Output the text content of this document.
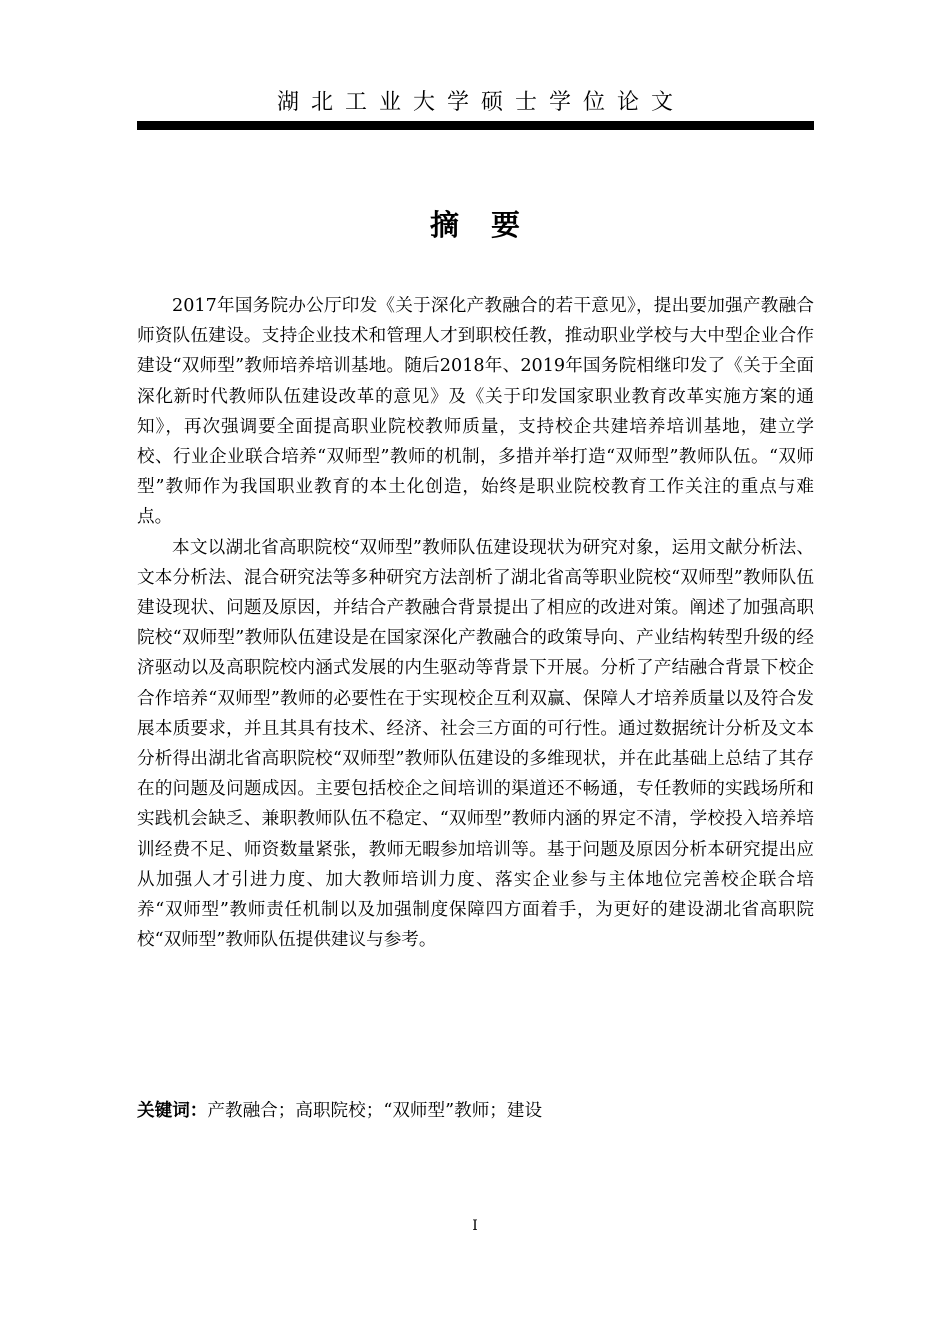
湖北工业大学硕士学位论文
摘要

2017年国务院办公厅印发《关于深化产教融合的若干意见》，提出要加强产教融合师资队伍建设。支持企业技术和管理人才到职校任教，推动职业学校与大中型企业合作建设“双师型”教师培养培训基地。随后2018年、2019年国务院相继印发了《关于全面深化新时代教师队伍建设改革的意见》及《关于印发国家职业教育改革实施方案的通知》，再次强调要全面提高职业院校教师质量，支持校企共建培养培训基地，建立学校、行业企业联合培养“双师型”教师的机制，多措并举打造“双师型”教师队伍。“双师型”教师作为我国职业教育的本土化创造，始终是职业院校教育工作关注的重点与难点。

本文以湖北省高职院校“双师型”教师队伍建设现状为研究对象，运用文献分析法、文本分析法、混合研究法等多种研究方法剖析了湖北省高等职业院校“双师型”教师队伍建设现状、问题及原因，并结合产教融合背景提出了相应的改进对策。阐述了加强高职院校“双师型”教师队伍建设是在国家深化产教融合的政策导向、产业结构转型升级的经济驱动以及高职院校内涵式发展的内生驱动等背景下开展。分析了产结融合背景下校企合作培养“双师型”教师的必要性在于实现校企互利双赢、保障人才培养质量以及符合发展本质要求，并且其具有技术、经济、社会三方面的可行性。通过数据统计分析及文本分析得出湖北省高职院校“双师型”教师队伍建设的多维现状，并在此基础上总结了其存在的问题及问题成因。主要包括校企之间培训的渠道还不畅通，专任教师的实践场所和实践机会缺乏、兼职教师队伍不稳定、“双师型”教师内涵的界定不清，学校投入培养培训经费不足、师资数量紧张，教师无暇参加培训等。基于问题及原因分析本研究提出应从加强人才引进力度、加大教师培训力度、落实企业参与主体地位完善校企联合培养“双师型”教师责任机制以及加强制度保障四方面着手，为更好的建设湖北省高职院校“双师型”教师队伍提供建议与参考。

关键词：产教融合；高职院校；“双师型”教师；建设
I
